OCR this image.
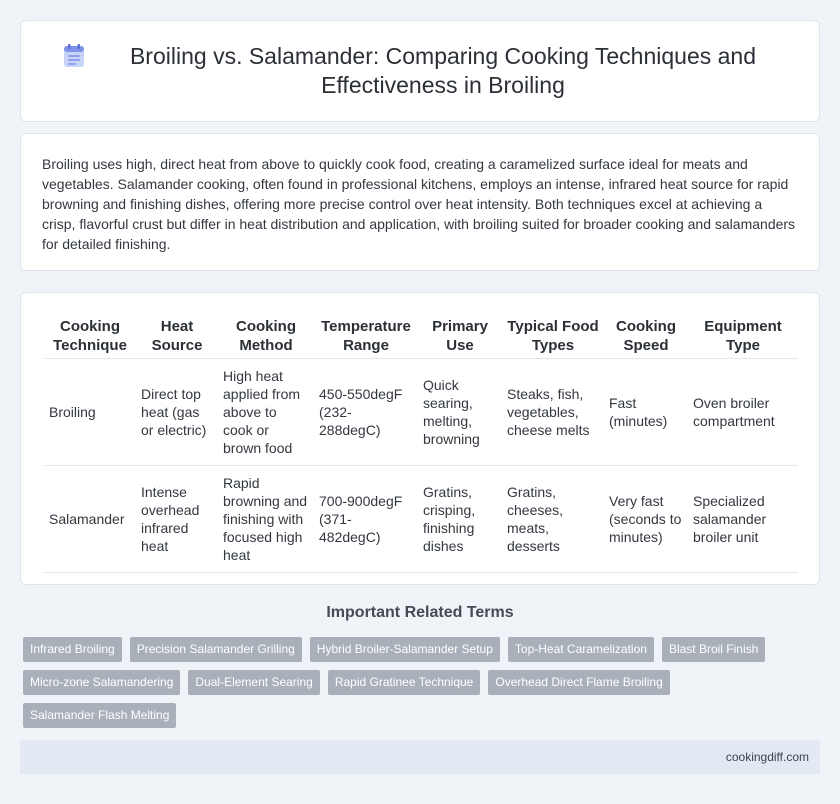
Broiling vs. Salamander: Comparing Cooking Techniques and Effectiveness in Broiling

Broiling uses high, direct heat from above to quickly cook food, creating a caramelized surface ideal for meats and vegetables. Salamander cooking, often found in professional kitchens, employs an intense, infrared heat source for rapid browning and finishing dishes, offering more precise control over heat intensity. Both techniques excel at achieving a crisp, flavorful crust but differ in heat distribution and application, with broiling suited for broader cooking and salamanders for detailed finishing.

Cooking Technique	Heat Source	Cooking Method	Temperature Range	Primary Use	Typical Food Types	Cooking Speed	Equipment Type
Broiling	Direct top heat (gas or electric)	High heat applied from above to cook or brown food	450-550degF (232-288degC)	Quick searing, melting, browning	Steaks, fish, vegetables, cheese melts	Fast (minutes)	Oven broiler compartment
Salamander	Intense overhead infrared heat	Rapid browning and finishing with focused high heat	700-900degF (371-482degC)	Gratins, crisping, finishing dishes	Gratins, cheeses, meats, desserts	Very fast (seconds to minutes)	Specialized salamander broiler unit
Important Related Terms
Infrared Broiling	Precision Salamander Grilling	Hybrid Broiler-Salamander Setup	Top-Heat Caramelization	Blast Broil Finish
Micro-zone Salamandering	Dual-Element Searing	Rapid Gratinee Technique	Overhead Direct Flame Broiling
Salamander Flash Melting
cookingdiff.com
